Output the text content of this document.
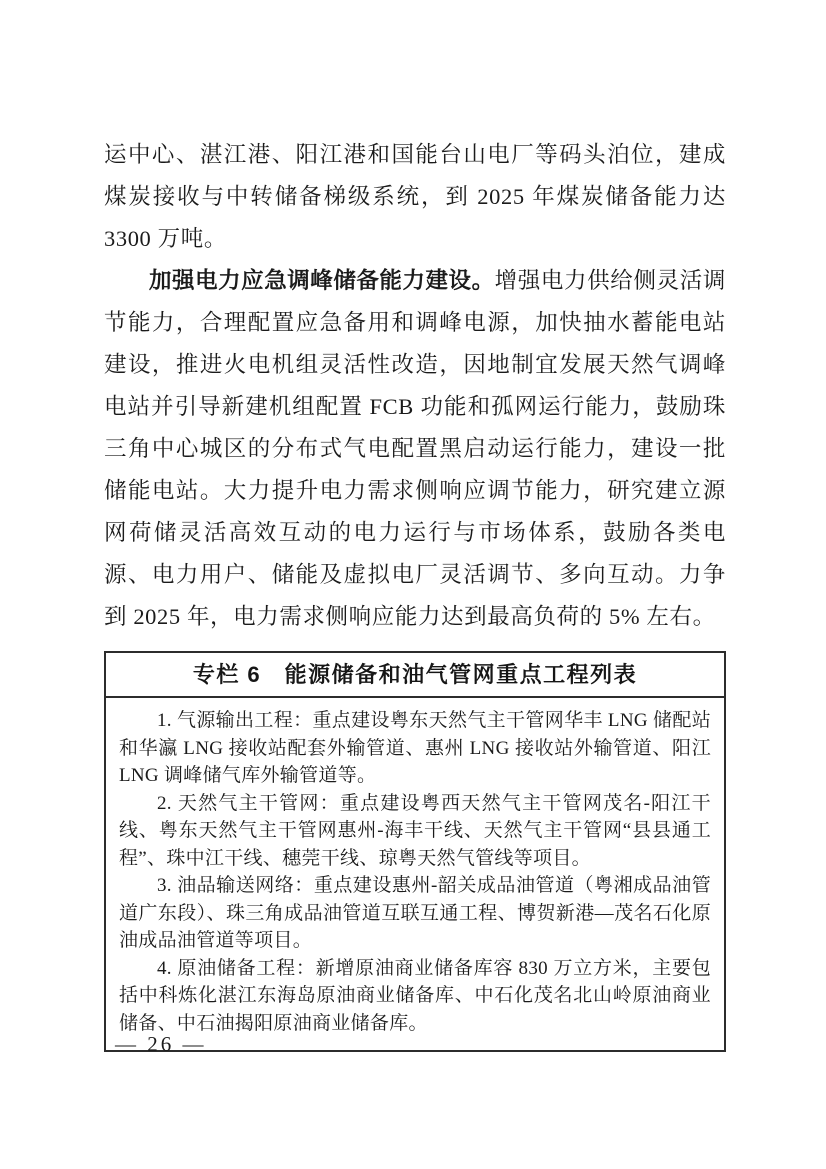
运中心、湛江港、阳江港和国能台山电厂等码头泊位，建成煤炭接收与中转储备梯级系统，到 2025 年煤炭储备能力达 3300 万吨。

加强电力应急调峰储备能力建设。增强电力供给侧灵活调节能力，合理配置应急备用和调峰电源，加快抽水蓄能电站建设，推进火电机组灵活性改造，因地制宜发展天然气调峰电站并引导新建机组配置 FCB 功能和孤网运行能力，鼓励珠三角中心城区的分布式气电配置黑启动运行能力，建设一批储能电站。大力提升电力需求侧响应调节能力，研究建立源网荷储灵活高效互动的电力运行与市场体系，鼓励各类电源、电力用户、储能及虚拟电厂灵活调节、多向互动。力争到 2025 年，电力需求侧响应能力达到最高负荷的 5% 左右。

专栏 6　能源储备和油气管网重点工程列表

1. 气源输出工程：重点建设粤东天然气主干管网华丰 LNG 储配站和华瀛 LNG 接收站配套外输管道、惠州 LNG 接收站外输管道、阳江 LNG 调峰储气库外输管道等。

2. 天然气主干管网：重点建设粤西天然气主干管网茂名-阳江干线、粤东天然气主干管网惠州-海丰干线、天然气主干管网“县县通工程”、珠中江干线、穗莞干线、琼粤天然气管线等项目。

3. 油品输送网络：重点建设惠州-韶关成品油管道（粤湘成品油管道广东段）、珠三角成品油管道互联互通工程、博贺新港—茂名石化原油成品油管道等项目。

4. 原油储备工程：新增原油商业储备库容 830 万立方米，主要包括中科炼化湛江东海岛原油商业储备库、中石化茂名北山岭原油商业储备、中石油揭阳原油商业储备库。

— 26 —
